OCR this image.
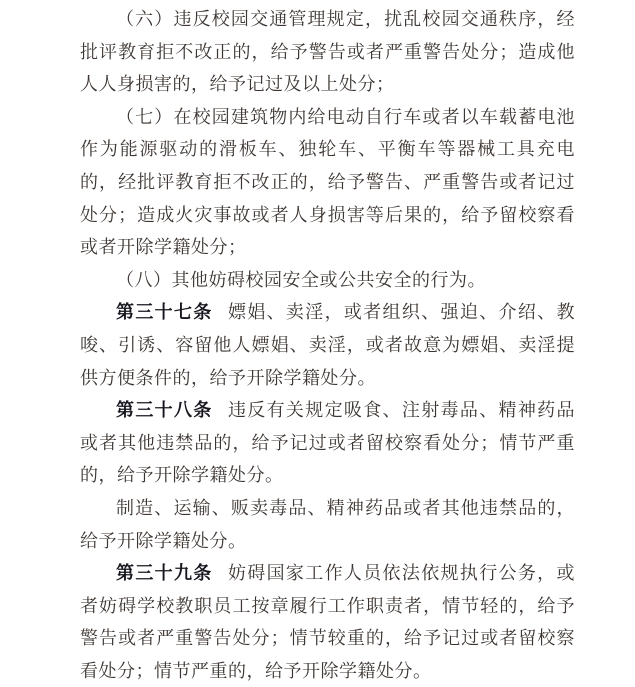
（六）违反校园交通管理规定，扰乱校园交通秩序，经批评教育拒不改正的，给予警告或者严重警告处分；造成他人人身损害的，给予记过及以上处分；

（七）在校园建筑物内给电动自行车或者以车载蓄电池作为能源驱动的滑板车、独轮车、平衡车等器械工具充电的，经批评教育拒不改正的，给予警告、严重警告或者记过处分；造成火灾事故或者人身损害等后果的，给予留校察看或者开除学籍处分；

（八）其他妨碍校园安全或公共安全的行为。

第三十七条 嫖娼、卖淫，或者组织、强迫、介绍、教唆、引诱、容留他人嫖娼、卖淫，或者故意为嫖娼、卖淫提供方便条件的，给予开除学籍处分。

第三十八条 违反有关规定吸食、注射毒品、精神药品或者其他违禁品的，给予记过或者留校察看处分；情节严重的，给予开除学籍处分。

制造、运输、贩卖毒品、精神药品或者其他违禁品的，给予开除学籍处分。

第三十九条 妨碍国家工作人员依法依规执行公务，或者妨碍学校教职员工按章履行工作职责者，情节轻的，给予警告或者严重警告处分；情节较重的，给予记过或者留校察看处分；情节严重的，给予开除学籍处分。
